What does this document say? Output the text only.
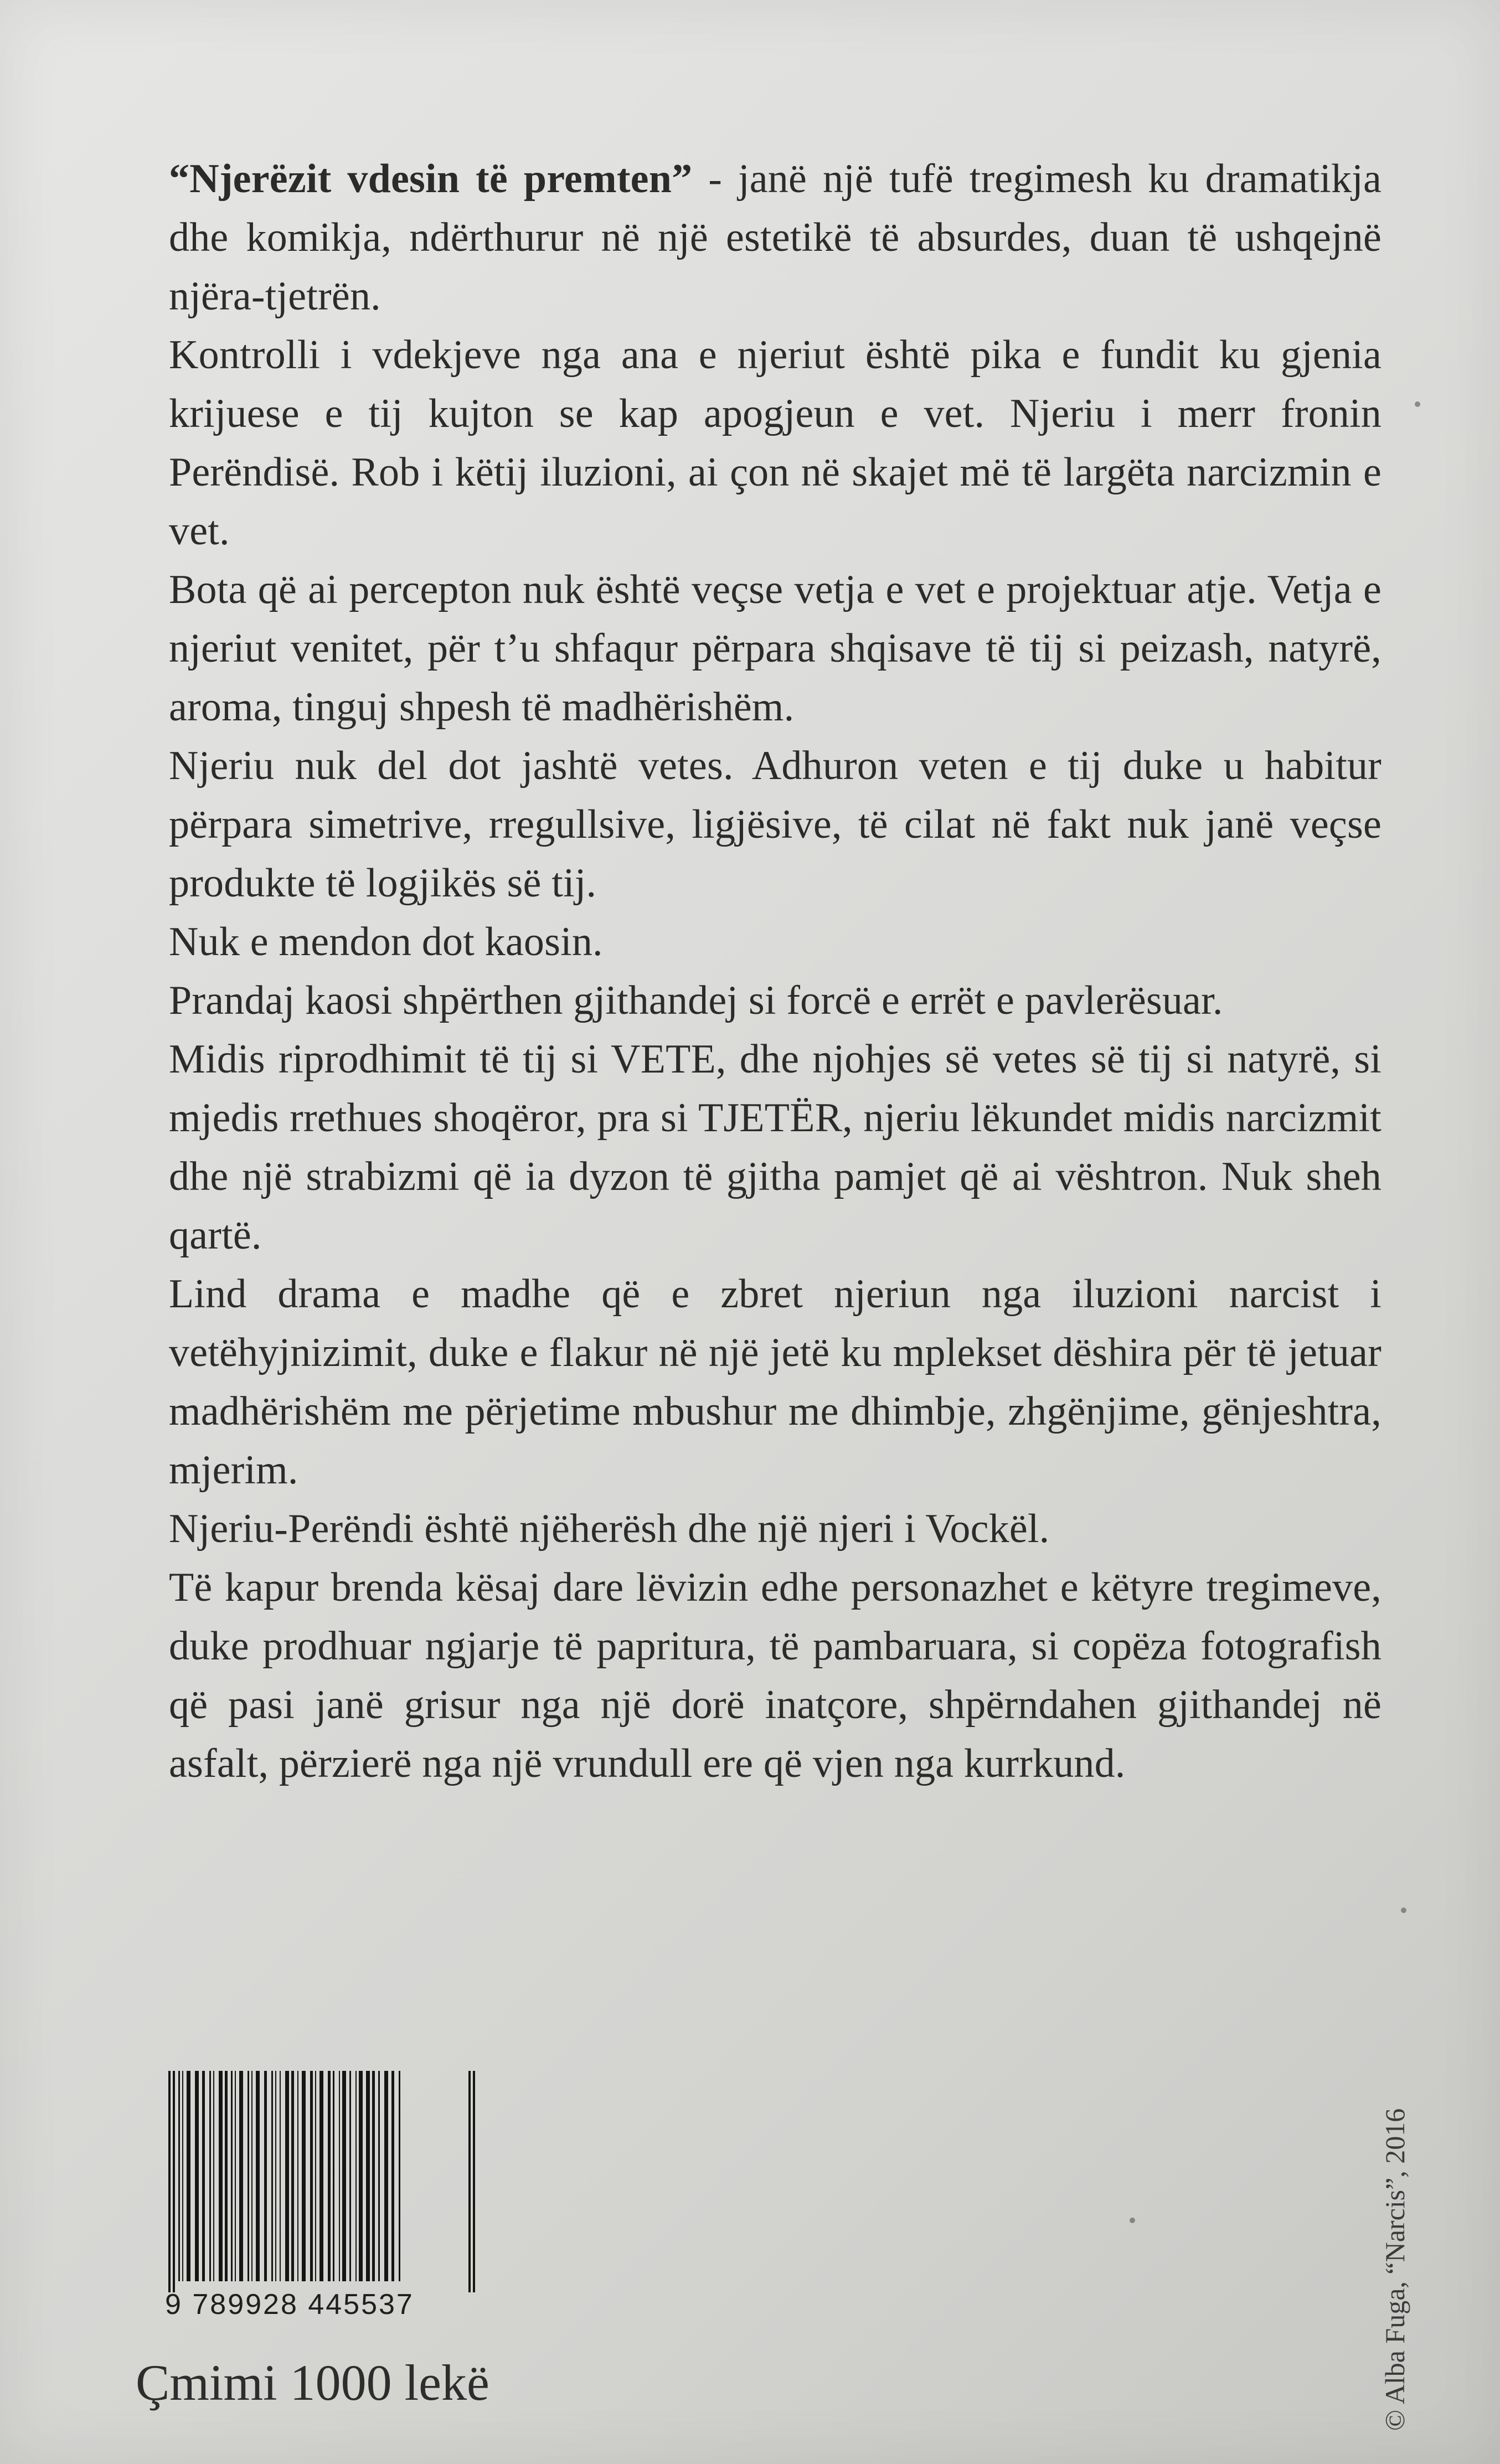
“Njerëzit vdesin të premten” - janë një tufë tregimesh ku dramatikja dhe komikja, ndërthurur në një estetikë të absurdes, duan të ushqejnë njëra-tjetrën.

Kontrolli i vdekjeve nga ana e njeriut është pika e fundit ku gjenia krijuese e tij kujton se kap apogjeun e vet. Njeriu i merr fronin Perëndisë. Rob i këtij iluzioni, ai çon në skajet më të largëta narcizmin e vet.

Bota që ai percepton nuk është veçse vetja e vet e projektuar atje. Vetja e njeriut venitet, për t’u shfaqur përpara shqisave të tij si peizash, natyrë, aroma, tinguj shpesh të madhërishëm.

Njeriu nuk del dot jashtë vetes. Adhuron veten e tij duke u habitur përpara simetrive, rregullsive, ligjësive, të cilat në fakt nuk janë veçse produkte të logjikës së tij.

Nuk e mendon dot kaosin.

Prandaj kaosi shpërthen gjithandej si forcë e errët e pavlerësuar.

Midis riprodhimit të tij si VETE, dhe njohjes së vetes së tij si natyrë, si mjedis rrethues shoqëror, pra si TJETËR, njeriu lëkundet midis narcizmit dhe një strabizmi që ia dyzon të gjitha pamjet që ai vështron. Nuk sheh qartë.

Lind drama e madhe që e zbret njeriun nga iluzioni narcist i vetëhyjnizimit, duke e flakur në një jetë ku mplekset dëshira për të jetuar madhërishëm me përjetime mbushur me dhimbje, zhgënjime, gënjeshtra, mjerim.

Njeriu-Perëndi është njëherësh dhe një njeri i Vockël.

Të kapur brenda kësaj dare lëvizin edhe personazhet e këtyre tregimeve, duke prodhuar ngjarje të papritura, të pambaruara, si copëza fotografish që pasi janë grisur nga një dorë inatçore, shpërndahen gjithandej në asfalt, përzierë nga një vrundull ere që vjen nga kurrkund.

9 789928 445537
Çmimi 1000 lekë	© Alba Fuga, “Narcis”, 2016
